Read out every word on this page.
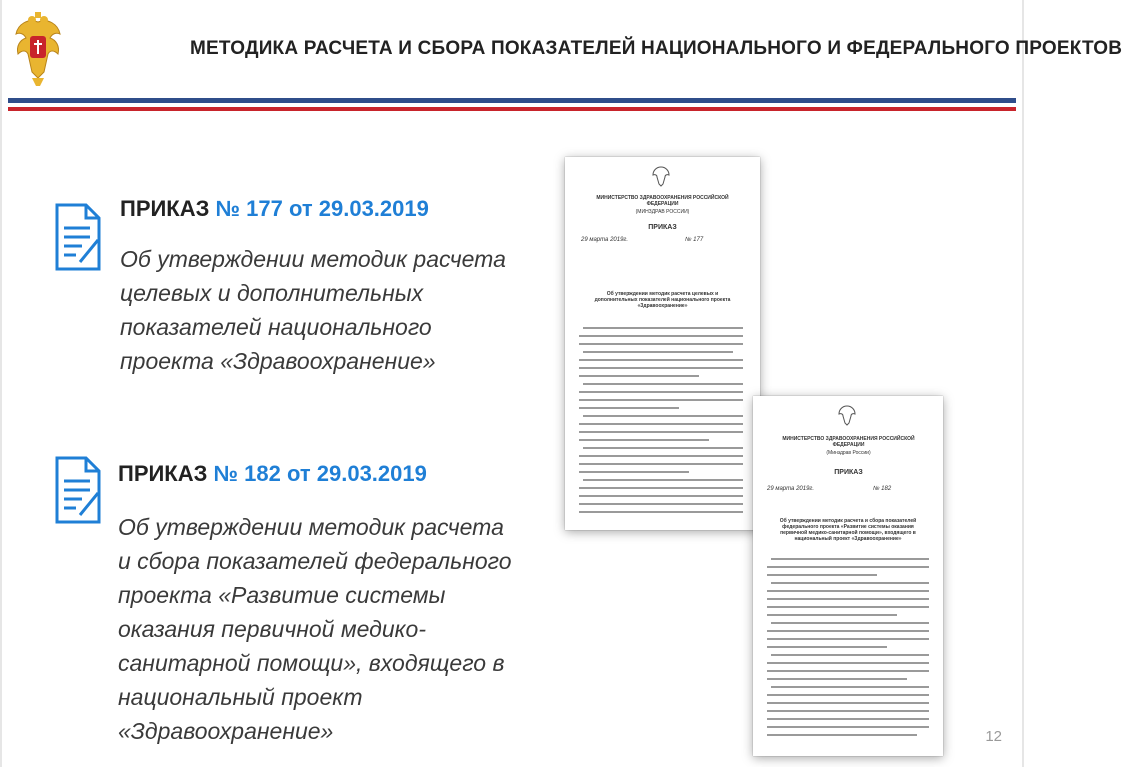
МЕТОДИКА РАСЧЕТА И СБОРА ПОКАЗАТЕЛЕЙ НАЦИОНАЛЬНОГО И ФЕДЕРАЛЬНОГО ПРОЕКТОВ
ПРИКАЗ № 177 от 29.03.2019
Об утверждении методик расчета целевых и дополнительных показателей национального проекта «Здравоохранение»
ПРИКАЗ № 182 от 29.03.2019
Об утверждении методик расчета и сбора показателей федерального проекта «Развитие системы оказания первичной медико-санитарной помощи», входящего в национальный проект «Здравоохранение»
МИНИСТЕРСТВО ЗДРАВООХРАНЕНИЯ РОССИЙСКОЙ ФЕДЕРАЦИИ
(МИНЗДРАВ РОССИИ)
ПРИКАЗ
29 марта 2019г.	№ 177
Об утверждении методик расчета целевых и дополнительных показателей национального проекта «Здравоохранение»
МИНИСТЕРСТВО ЗДРАВООХРАНЕНИЯ РОССИЙСКОЙ ФЕДЕРАЦИИ
(Минздрав России)
ПРИКАЗ
29 марта 2019г.	№ 182
Об утверждении методик расчета и сбора показателей федерального проекта «Развитие системы оказания первичной медико-санитарной помощи», входящего в национальный проект «Здравоохранение»
12
